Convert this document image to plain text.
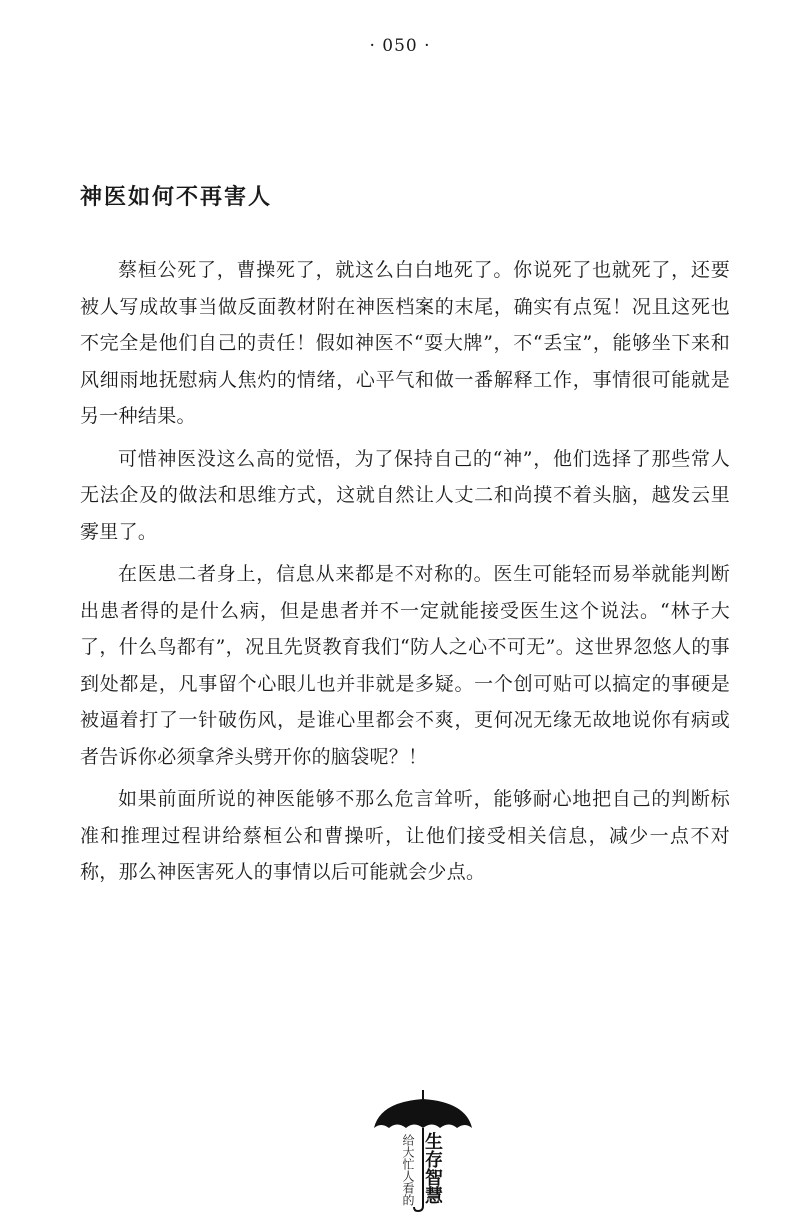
· 050 ·
神医如何不再害人

蔡桓公死了，曹操死了，就这么白白地死了。你说死了也就死了，还要被人写成故事当做反面教材附在神医档案的末尾，确实有点冤！况且这死也不完全是他们自己的责任！假如神医不“耍大牌”，不“丢宝”，能够坐下来和风细雨地抚慰病人焦灼的情绪，心平气和做一番解释工作，事情很可能就是另一种结果。

可惜神医没这么高的觉悟，为了保持自己的“神”，他们选择了那些常人无法企及的做法和思维方式，这就自然让人丈二和尚摸不着头脑，越发云里雾里了。

在医患二者身上，信息从来都是不对称的。医生可能轻而易举就能判断出患者得的是什么病，但是患者并不一定就能接受医生这个说法。“林子大了，什么鸟都有”，况且先贤教育我们“防人之心不可无”。这世界忽悠人的事到处都是，凡事留个心眼儿也并非就是多疑。一个创可贴可以搞定的事硬是被逼着打了一针破伤风，是谁心里都会不爽，更何况无缘无故地说你有病或者告诉你必须拿斧头劈开你的脑袋呢？！

如果前面所说的神医能够不那么危言耸听，能够耐心地把自己的判断标准和推理过程讲给蔡桓公和曹操听，让他们接受相关信息，减少一点不对称，那么神医害死人的事情以后可能就会少点。

生存智慧
给大忙人看的
